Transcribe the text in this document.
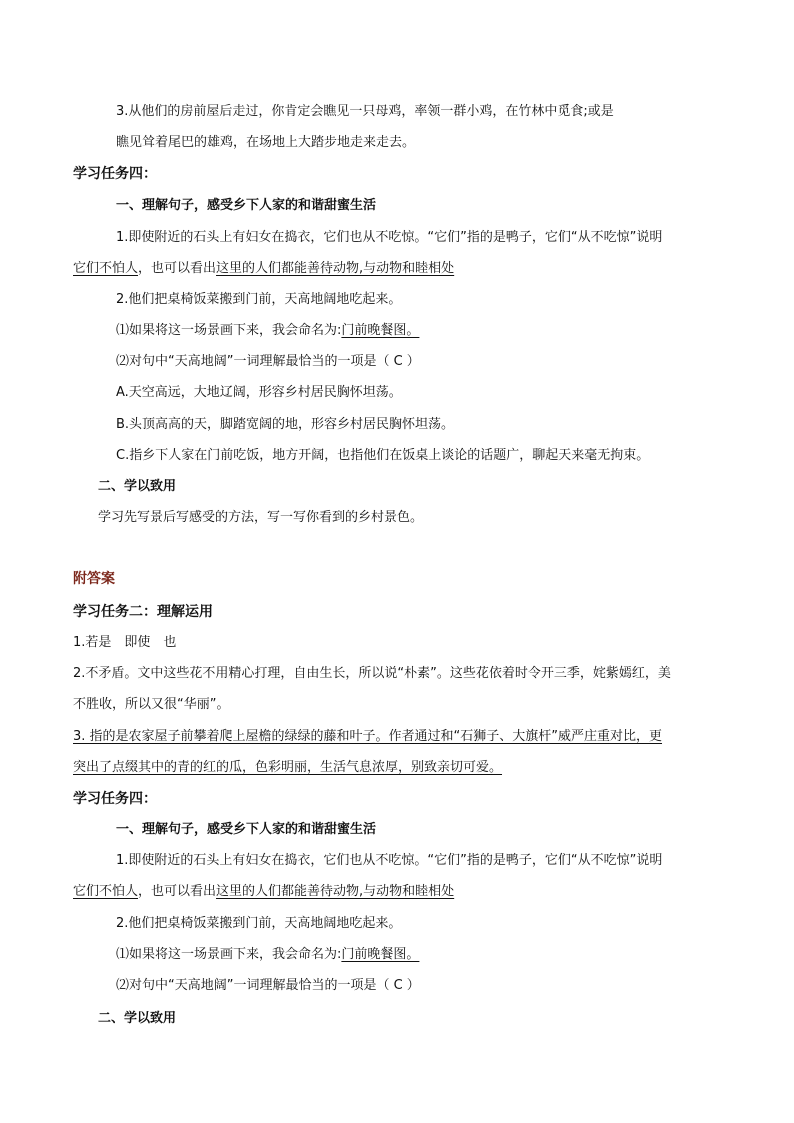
3.从他们的房前屋后走过，你肯定会瞧见一只母鸡，率领一群小鸡，在竹林中觅食;或是
瞧见耸着尾巴的雄鸡，在场地上大踏步地走来走去。
学习任务四：
一、理解句子，感受乡下人家的和谐甜蜜生活
1.即使附近的石头上有妇女在捣衣，它们也从不吃惊。“它们”指的是鸭子，它们“从不吃惊”说明
它们不怕人，也可以看出这里的人们都能善待动物,与动物和睦相处
2.他们把桌椅饭菜搬到门前，天高地阔地吃起来。
⑴如果将这一场景画下来，我会命名为:门前晚餐图。
⑵对句中“天高地阔”一词理解最恰当的一项是（ C ）
A.天空高远，大地辽阔，形容乡村居民胸怀坦荡。
B.头顶高高的天，脚踏宽阔的地，形容乡村居民胸怀坦荡。
C.指乡下人家在门前吃饭，地方开阔，也指他们在饭桌上谈论的话题广，聊起天来毫无拘束。
二、学以致用
学习先写景后写感受的方法，写一写你看到的乡村景色。
附答案
学习任务二：理解运用
1.若是　即使　也
2.不矛盾。文中这些花不用精心打理，自由生长，所以说“朴素”。这些花依着时令开三季，姹紫嫣红，美
不胜收，所以又很“华丽”。
3. 指的是农家屋子前攀着爬上屋檐的绿绿的藤和叶子。作者通过和“石狮子、大旗杆”威严庄重对比，更
突出了点缀其中的青的红的瓜，色彩明丽，生活气息浓厚，别致亲切可爱。
学习任务四：
一、理解句子，感受乡下人家的和谐甜蜜生活
1.即使附近的石头上有妇女在捣衣，它们也从不吃惊。“它们”指的是鸭子，它们“从不吃惊”说明
它们不怕人，也可以看出这里的人们都能善待动物,与动物和睦相处
2.他们把桌椅饭菜搬到门前，天高地阔地吃起来。
⑴如果将这一场景画下来，我会命名为:门前晚餐图。
⑵对句中“天高地阔”一词理解最恰当的一项是（ C ）
二、学以致用
